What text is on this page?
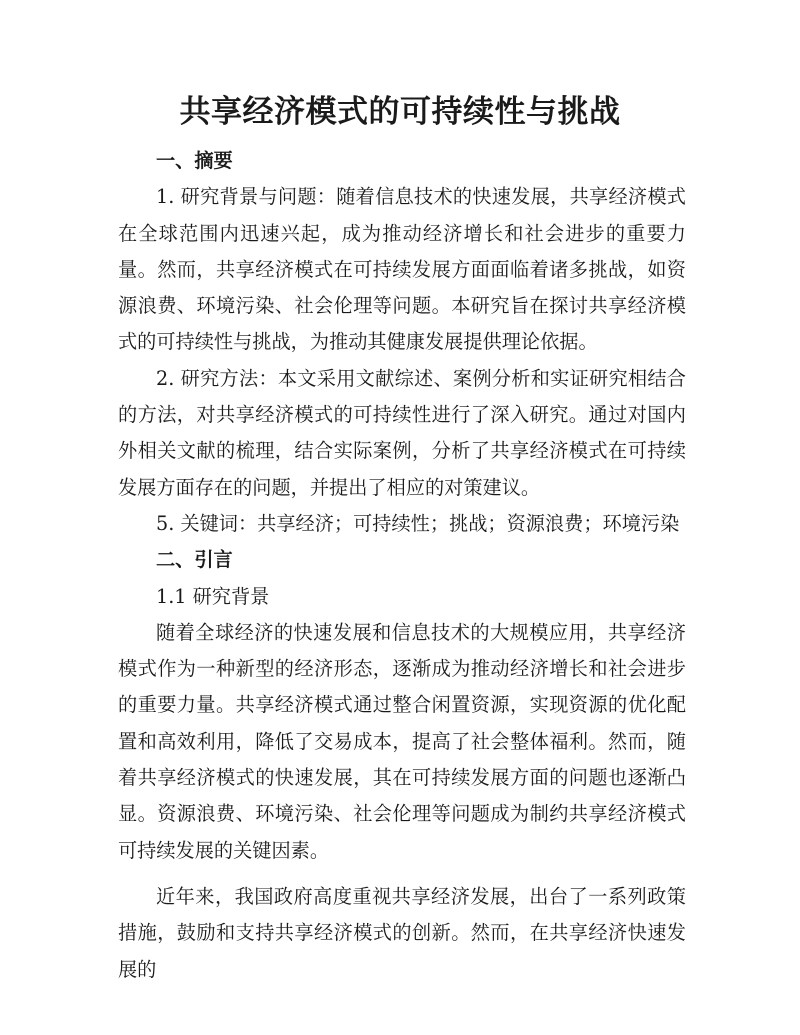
共享经济模式的可持续性与挑战

一、摘要

1. 研究背景与问题：随着信息技术的快速发展，共享经济模式在全球范围内迅速兴起，成为推动经济增长和社会进步的重要力量。然而，共享经济模式在可持续发展方面面临着诸多挑战，如资源浪费、环境污染、社会伦理等问题。本研究旨在探讨共享经济模式的可持续性与挑战，为推动其健康发展提供理论依据。

2. 研究方法：本文采用文献综述、案例分析和实证研究相结合的方法，对共享经济模式的可持续性进行了深入研究。通过对国内外相关文献的梳理，结合实际案例，分析了共享经济模式在可持续发展方面存在的问题，并提出了相应的对策建议。

5. 关键词：共享经济；可持续性；挑战；资源浪费；环境污染

二、引言

1.1 研究背景

随着全球经济的快速发展和信息技术的大规模应用，共享经济模式作为一种新型的经济形态，逐渐成为推动经济增长和社会进步的重要力量。共享经济模式通过整合闲置资源，实现资源的优化配置和高效利用，降低了交易成本，提高了社会整体福利。然而，随着共享经济模式的快速发展，其在可持续发展方面的问题也逐渐凸显。资源浪费、环境污染、社会伦理等问题成为制约共享经济模式可持续发展的关键因素。

近年来，我国政府高度重视共享经济发展，出台了一系列政策措施，鼓励和支持共享经济模式的创新。然而，在共享经济快速发展的
